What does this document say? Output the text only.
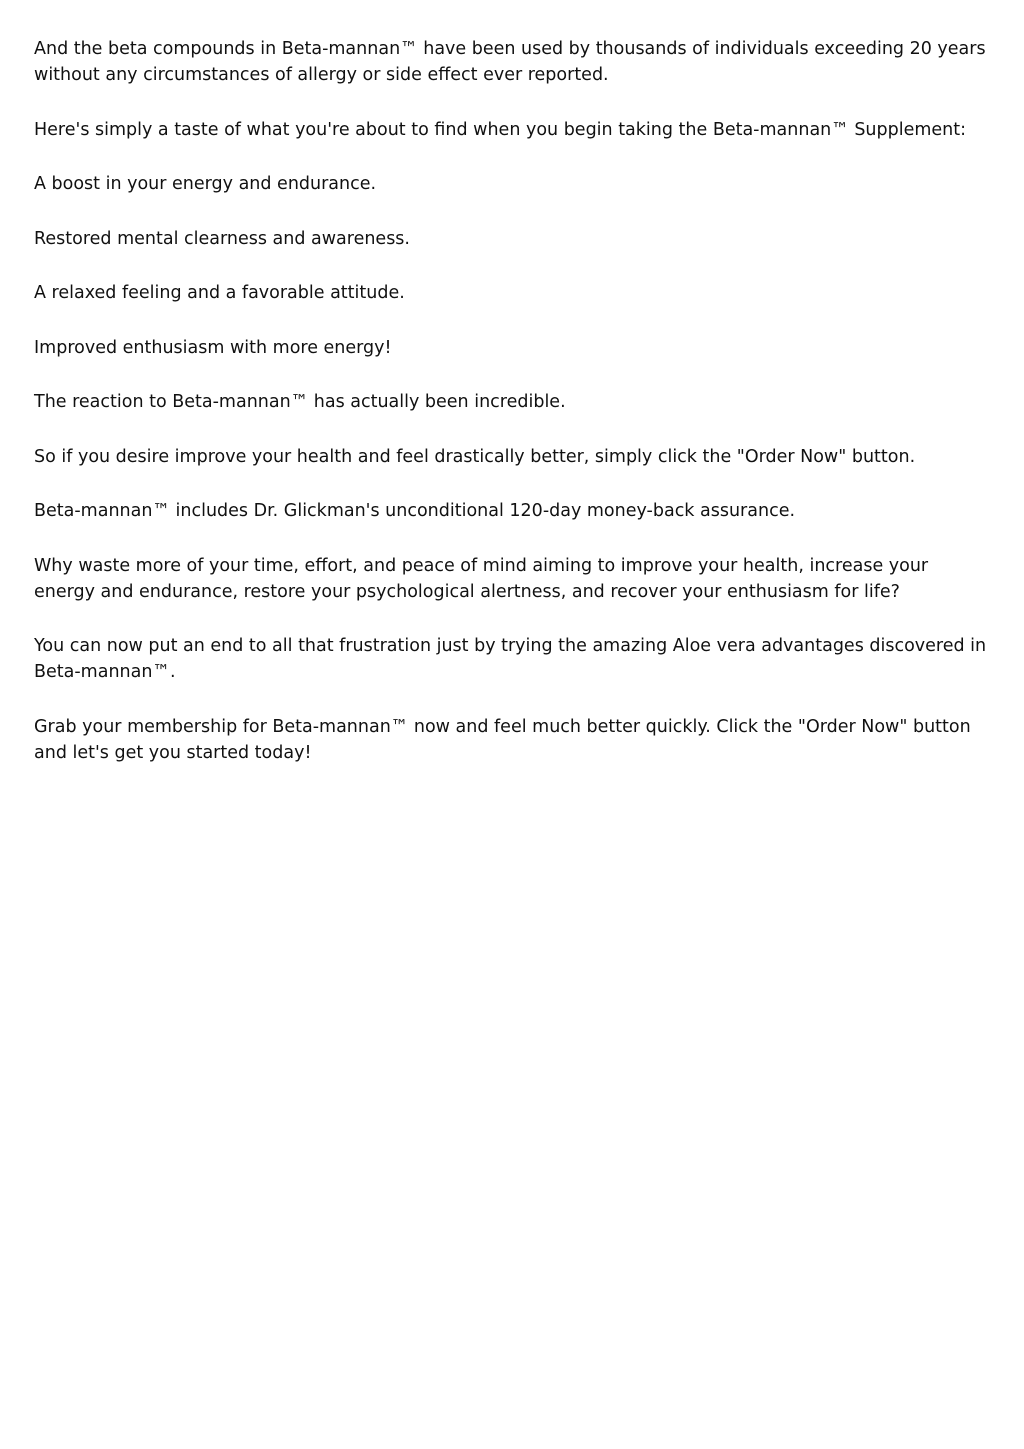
And the beta compounds in Beta-mannan™ have been used by thousands of individuals exceeding 20 years without any circumstances of allergy or side effect ever reported.

Here's simply a taste of what you're about to find when you begin taking the Beta-mannan™ Supplement:

A boost in your energy and endurance.

Restored mental clearness and awareness.

A relaxed feeling and a favorable attitude.

Improved enthusiasm with more energy!

The reaction to Beta-mannan™ has actually been incredible.

So if you desire improve your health and feel drastically better, simply click the "Order Now" button.

Beta-mannan™ includes Dr. Glickman's unconditional 120-day money-back assurance.

Why waste more of your time, effort, and peace of mind aiming to improve your health, increase your energy and endurance, restore your psychological alertness, and recover your enthusiasm for life?

You can now put an end to all that frustration just by trying the amazing Aloe vera advantages discovered in Beta-mannan™.

Grab your membership for Beta-mannan™ now and feel much better quickly. Click the "Order Now" button and let's get you started today!
